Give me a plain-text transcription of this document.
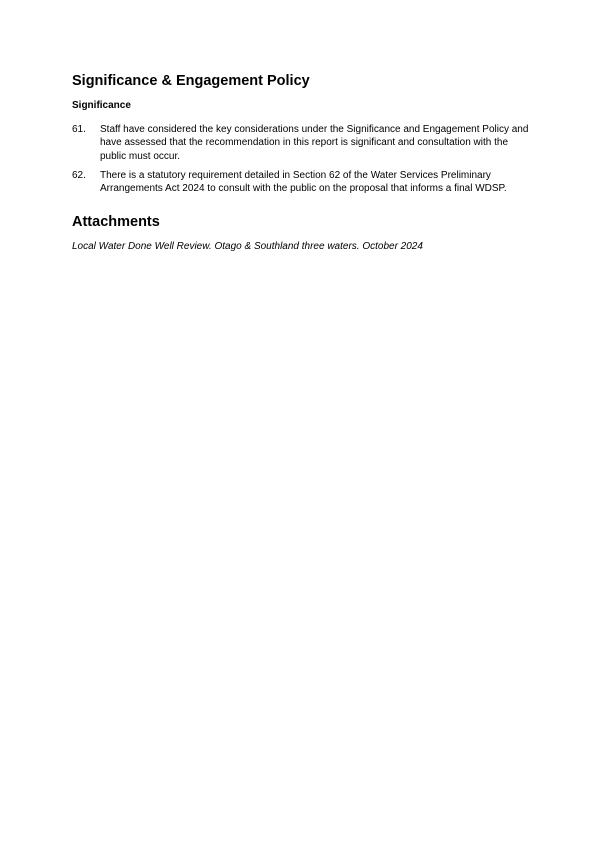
Significance & Engagement Policy
Significance
61.	Staff have considered the key considerations under the Significance and Engagement Policy and have assessed that the recommendation in this report is significant and consultation with the public must occur.
62.	There is a statutory requirement detailed in Section 62 of the Water Services Preliminary Arrangements Act 2024 to consult with the public on the proposal that informs a final WDSP.
Attachments
Local Water Done Well Review. Otago & Southland three waters. October 2024
